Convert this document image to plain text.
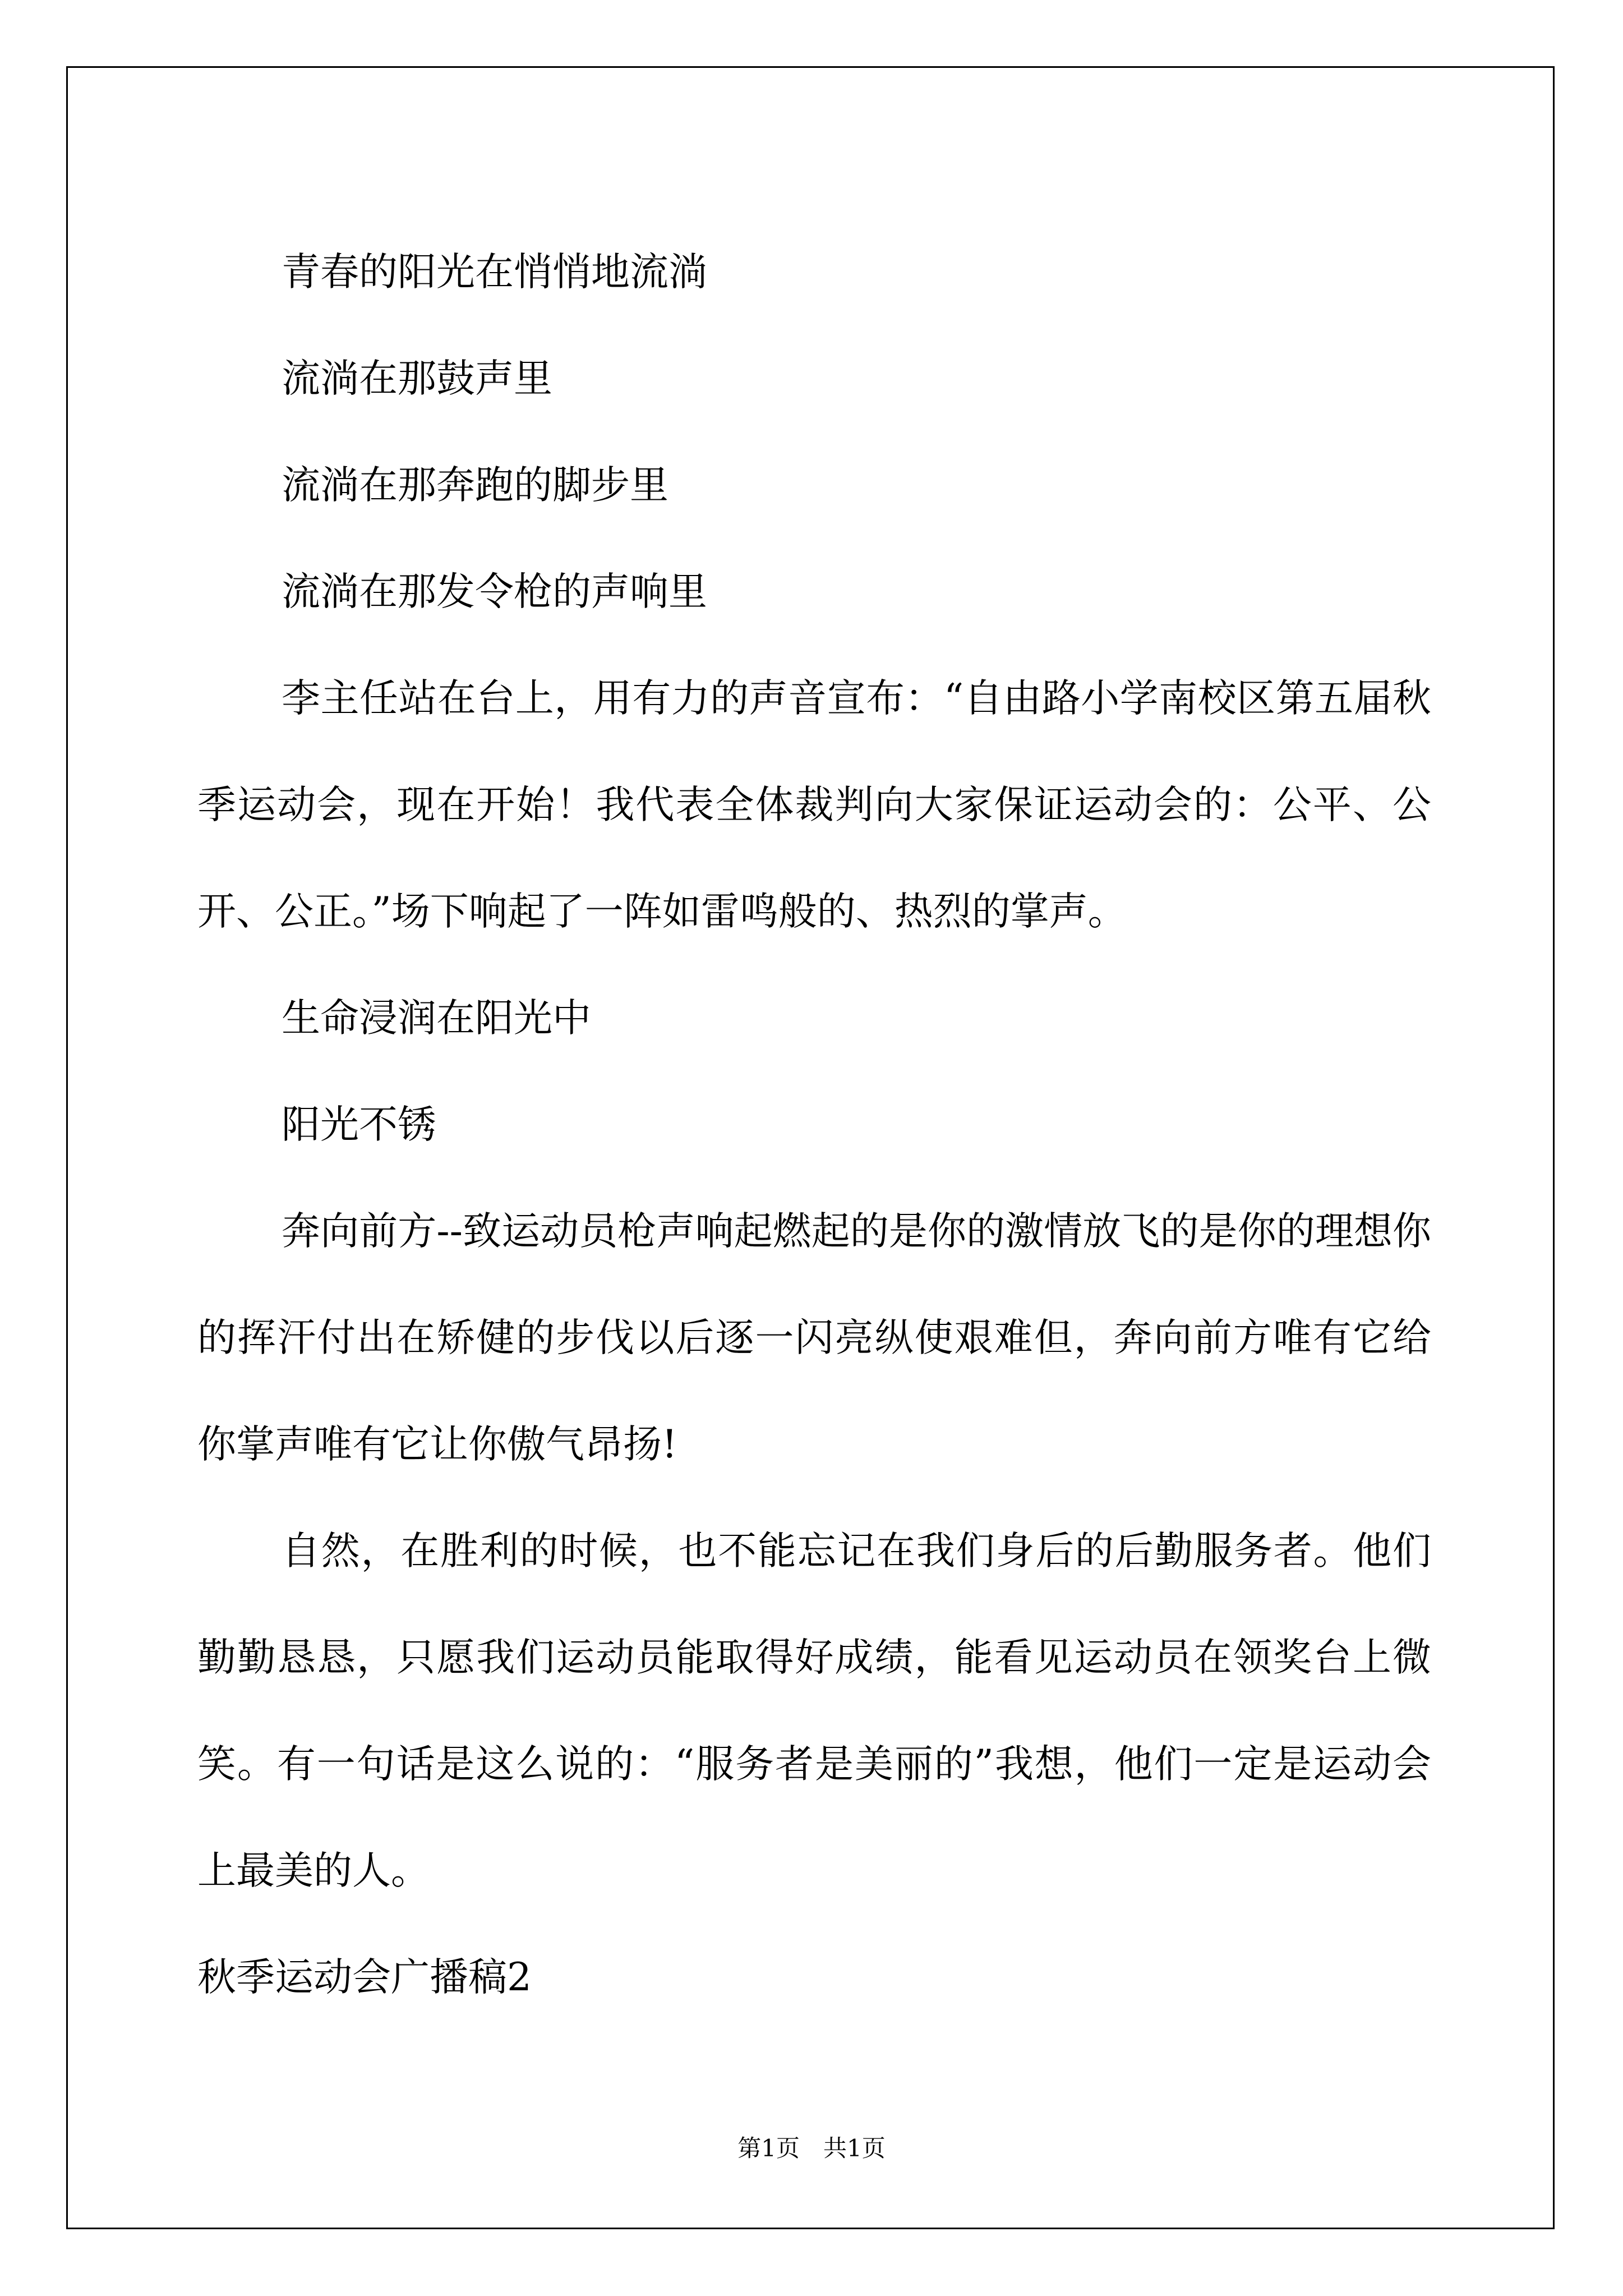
青春的阳光在悄悄地流淌

流淌在那鼓声里

流淌在那奔跑的脚步里

流淌在那发令枪的声响里

李主任站在台上，用有力的声音宣布：“自由路小学南校区第五届秋季运动会，现在开始！我代表全体裁判向大家保证运动会的：公平、公开、公正。”场下响起了一阵如雷鸣般的、热烈的掌声。

生命浸润在阳光中

阳光不锈

奔向前方--致运动员枪声响起燃起的是你的激情放飞的是你的理想你的挥汗付出在矫健的步伐以后逐一闪亮纵使艰难但，奔向前方唯有它给你掌声唯有它让你傲气昂扬!

自然，在胜利的时候，也不能忘记在我们身后的后勤服务者。他们勤勤恳恳，只愿我们运动员能取得好成绩，能看见运动员在领奖台上微笑。有一句话是这么说的：“服务者是美丽的”我想，他们一定是运动会上最美的人。

秋季运动会广播稿2

第1页　共1页
